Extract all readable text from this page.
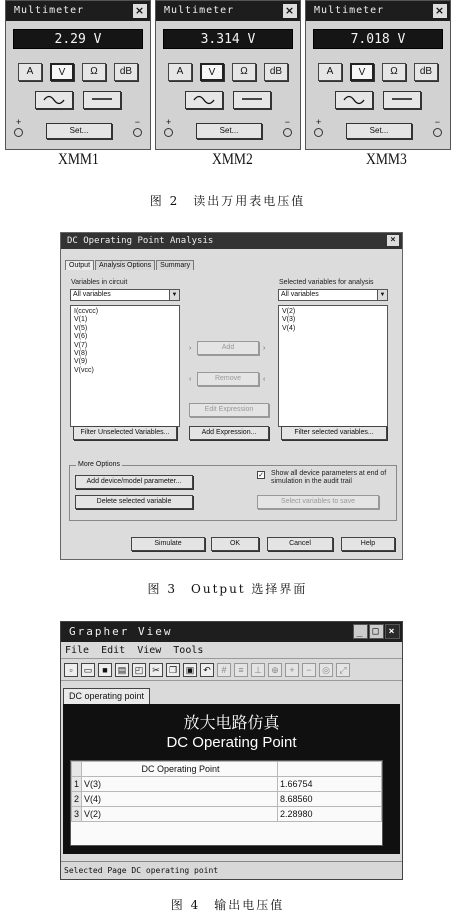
Multimeter	×
2.29 V
A	V	Ω	dB
+	−
Set...
Multimeter	×
3.314 V
A	V	Ω	dB
+	−
Set...
Multimeter	×
7.018 V
A	V	Ω	dB
+	−
Set...
XMM1	XMM2	XMM3
图 2　读出万用表电压值
DC Operating Point Analysis	×
Output	Analysis Options	Summary
Variables in circuit
All variables	▼
I(ccvcc)
V(1)
V(5)
V(6)
V(7)
V(8)
V(9)
V(vcc)
Selected variables for analysis
All variables	▼
V(2)
V(3)
V(4)
›	Add	›
‹	Remove	‹
Edit Expression
Filter Unselected Variables...	Add Expression...	Filter selected variables...
More Options
Add device/model parameter...
Delete selected variable
✓ Show all device parameters at end of simulation in the audit trail
Select variables to save
Simulate	OK	Cancel	Help
图 3　Output 选择界面
Grapher View	_ □ ×
File Edit View Tools
▫	▭	■	▤ ◰ ✂	❐ ▣ ↶	#	≡	⊥	⊕	+	−	◎	⤢
DC operating point
放大电路仿真
DC Operating Point
	DC Operating Point	
1	V(3)	1.66754
2	V(4)	8.68560
3	V(2)	2.28980
Selected Page DC operating point
图 4　输出电压值
